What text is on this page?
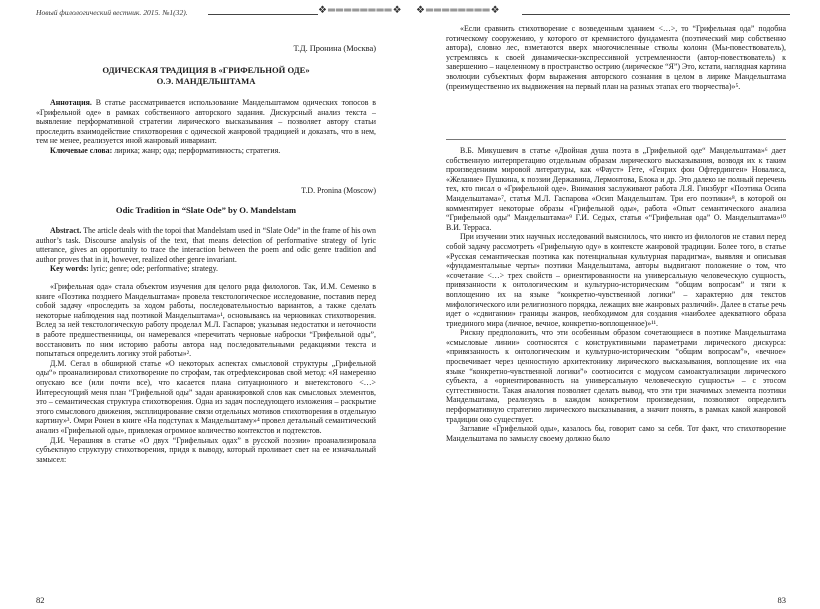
Новый филологический вестник. 2015. №1(32).	❖════════❖
Т.Д. Пронина (Москва)
ОДИЧЕСКАЯ ТРАДИЦИЯ В «ГРИФЕЛЬНОЙ ОДЕ»
О.Э. МАНДЕЛЬШТАМА

Аннотация. В статье рассматривается использование Мандельштамом одических топосов в «Грифельной оде» в рамках собственного авторского задания. Дискурсный анализ текста – выявление перформативной стратегии лирического высказывания – позволяет автору статьи проследить взаимодействие стихотворения с одической жанровой традицией и доказать, что в нем, тем не менее, реализуется иной жанровый инвариант.

Ключевые слова: лирика; жанр; ода; перформативность; стратегия.

T.D. Pronina (Moscow)
Odic Tradition in “Slate Ode” by O. Mandelstam

Abstract. The article deals with the topoi that Mandelstam used in “Slate Ode” in the frame of his own author’s task. Discourse analysis of the text, that means detection of performative strategy of lyric utterance, gives an opportunity to trace the interaction between the poem and odic genre tradition and author proves that in it, however, realized other genre invariant.

Key words: lyric; genre; ode; performative; strategy.

«Грифельная ода» стала объектом изучения для целого ряда филологов. Так, И.М. Семенко в книге «Поэтика позднего Мандельштама» провела текстологическое исследование, поставив перед собой задачу «проследить за ходом работы, последовательностью вариантов, а также сделать некоторые наблюдения над поэтикой Мандельштама»¹, основываясь на черновиках стихотворения. Вслед за ней текстологическую работу проделал М.Л. Гаспаров; указывая недостатки и неточности в работе предшественницы, он намеревался «перечитать черновые наброски “Грифельной оды”, восстановить по ним историю работы автора над последовательными редакциями текста и попытаться определить логику этой работы»².

Д.М. Сегал в обширной статье «О некоторых аспектах смысловой структуры „Грифельной оды“» проанализировал стихотворение по строфам, так отрефлексировав свой метод: «Я намеренно опускаю все (или почти все), что касается плана ситуационного и внетекстового <…> Интересующий меня план “Грифельной оды” задан аранжировкой слов как смысловых элементов, это – семантическая структура стихотворения. Одна из задач последующего изложения – раскрытие этого смыслового движения, эксплицирование связи отдельных мотивов стихотворения в отдельную картину»³. Омри Ронен в книге «На подступах к Мандельштаму»⁴ провел детальный семантический анализ «Грифельной оды», привлекая огромное количество контекстов и подтекстов.

Д.И. Черашняя в статье «О двух “Грифельных одах” в русской поэзии» проанализировала субъектную структуру стихотворения, придя к выводу, который проливает свет на ее изначальный замысел:

82
❖════════❖

«Если сравнить стихотворение с возведенным зданием <…>, то “Грифельная ода” подобна готическому сооружению, у которого от кремнистого фундамента (поэтический мир собственно автора), словно лес, взметаются вверх многочисленные стволы колонн (Мы-повествователь), устремляясь к своей динамически-экспрессивной устремленности (автор-повествователь) к завершению – нацеленному в пространство острию (лирическое “Я”) Это, кстати, наглядная картина эволюции субъектных форм выражения авторского сознания в целом в лирике Мандельштама (преимущественно их выдвижения на первый план на разных этапах его творчества)»⁵.

В.Б. Микушевич в статье «Двойная душа поэта в „Грифельной оде“ Мандельштама»⁶ дает собственную интерпретацию отдельным образам лирического высказывания, возводя их к таким произведениям мировой литературы, как «Фауст» Гете, «Генрих фон Офтердинген» Новалиса, «Желание» Пушкина, к поэзии Державина, Лермонтова, Блока и др. Это далеко не полный перечень тех, кто писал о «Грифельной оде». Внимания заслуживают работа Л.Я. Гинзбург «Поэтика Осипа Мандельштама»⁷, статья М.Л. Гаспарова «Осип Мандельштам. Три его поэтики»⁸, в которой он комментирует некоторые образы «Грифельной оды», работа «Опыт семантического анализа “Грифельной оды” Мандельштама»⁹ Г.И. Седых, статья «“Грифельная ода” О. Мандельштама»¹⁰ В.И. Терраса.

При изучении этих научных исследований выяснилось, что никто из филологов не ставил перед собой задачу рассмотреть «Грифельную оду» в контексте жанровой традиции. Более того, в статье «Русская семантическая поэтика как потенциальная культурная парадигма», выявляя и описывая «фундаментальные черты» поэтики Мандельштама, авторы выдвигают положение о том, что «сочетание <…> трех свойств – ориентированности на универсальную человеческую сущность, привязанности к онтологическим и культурно-историческим “общим вопросам” и тяги к воплощению их на языке “конкретно-чувственной логики” – характерно для текстов мифологического или религиозного порядка, лежащих вне жанровых различий». Далее в статье речь идет о «сдвигании» границы жанров, необходимом для создания «наиболее адекватного образа триединого мира (личное, вечное, конкретно-воплощенное)»¹¹.

Рискну предположить, что эти особенным образом сочетающиеся в поэтике Мандельштама «смысловые линии» соотносятся с конструктивными параметрами лирического дискурса: «привязанность к онтологическим и культурно-историческим “общим вопросам”», «вечное» просвечивает через ценностную архитектонику лирического высказывания, воплощение их «на языке “конкретно-чувственной логики”» соотносится с модусом самоактуализации лирического субъекта, а «ориентированность на универсальную человеческую сущность» – с этосом суггестивности. Такая аналогия позволяет сделать вывод, что эти три значимых элемента поэтики Мандельштама, реализуясь в каждом конкретном произведении, позволяют определить перформативную стратегию лирического высказывания, а значит понять, в рамках какой жанровой традиции оно существует.

Заглавие «Грифельной оды», казалось бы, говорит само за себя. Тот факт, что стихотворение Мандельштама по замыслу своему должно было

83
